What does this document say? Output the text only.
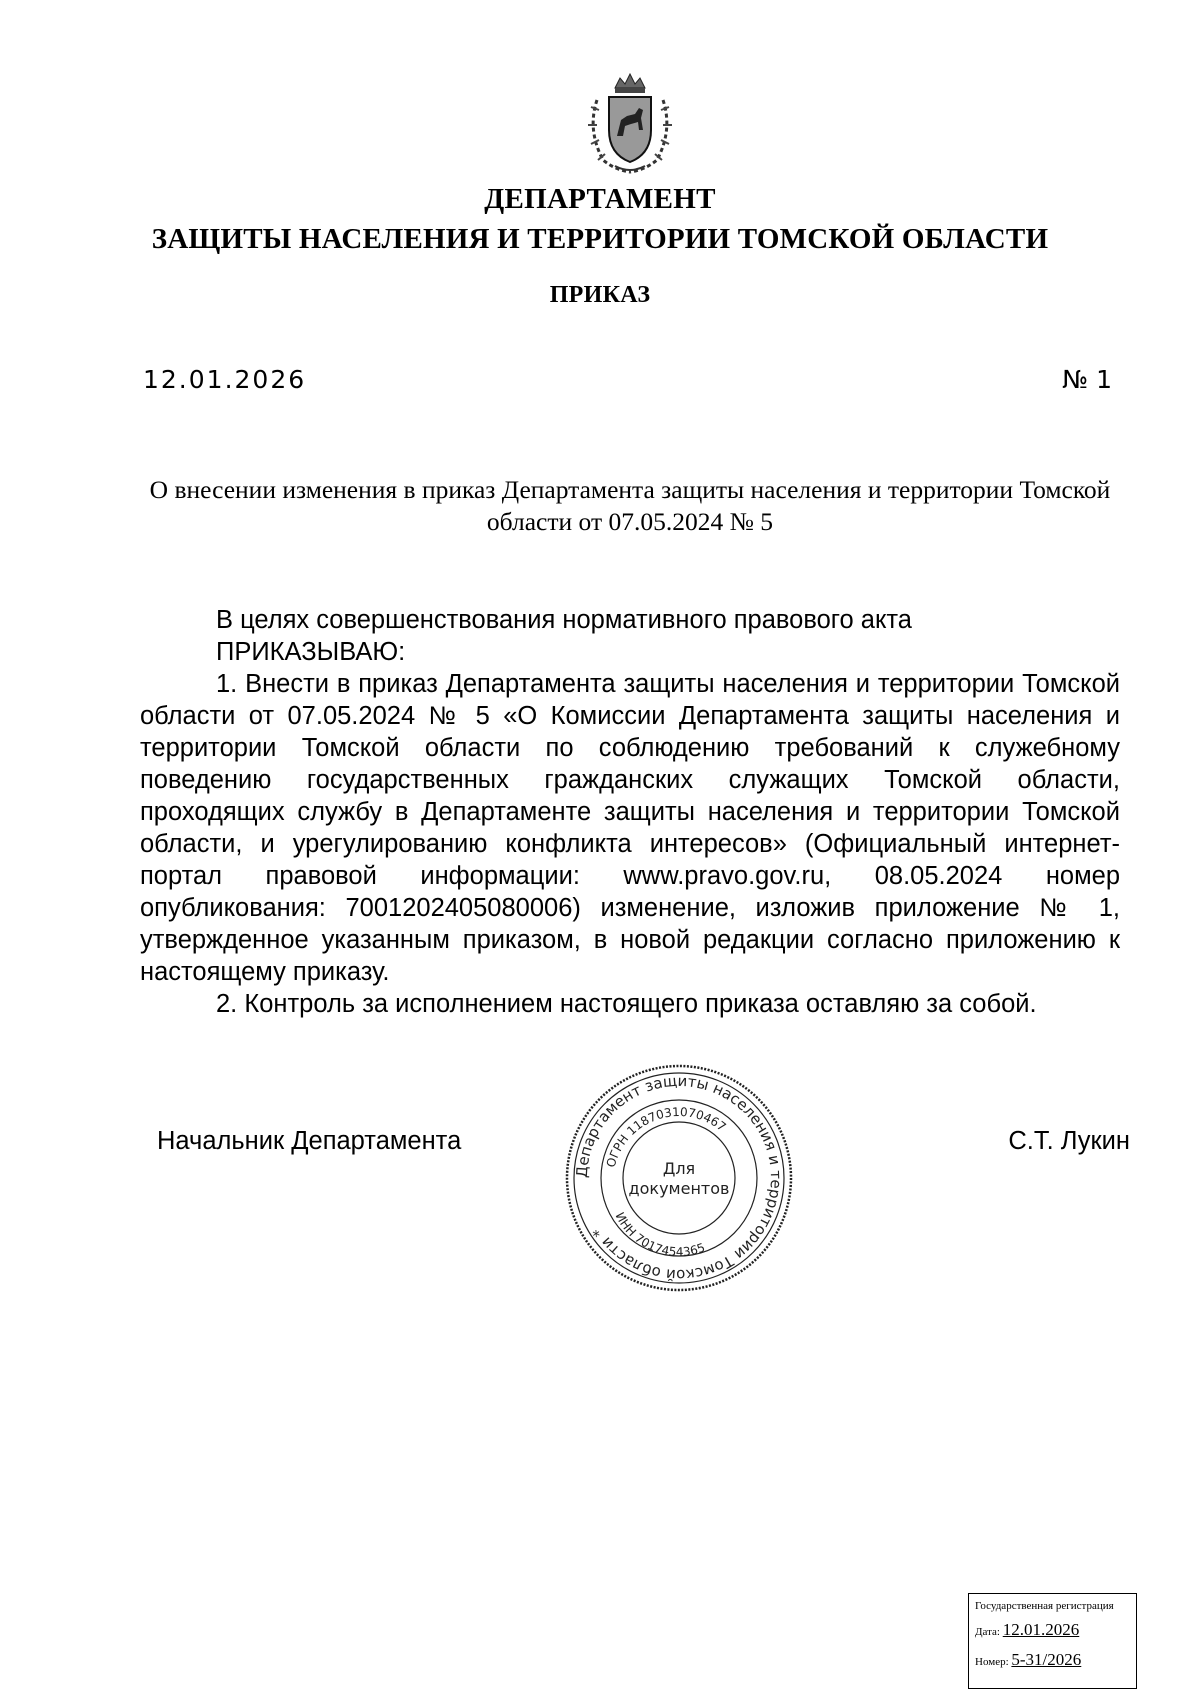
ДЕПАРТАМЕНТ
ЗАЩИТЫ НАСЕЛЕНИЯ И ТЕРРИТОРИИ ТОМСКОЙ ОБЛАСТИ
ПРИКАЗ
12.01.2026	№ 1
О внесении изменения в приказ Департамента защиты населения и территории Томской области от 07.05.2024 № 5

В целях совершенствования нормативного правового акта

ПРИКАЗЫВАЮ:

1. Внести в приказ Департамента защиты населения и территории Томской области от 07.05.2024 № 5 «О Комиссии Департамента защиты населения и территории Томской области по соблюдению требований к служебному поведению государственных гражданских служащих Томской области, проходящих службу в Департаменте защиты населения и территории Томской области, и урегулированию конфликта интересов» (Официальный интернет-портал правовой информации: www.pravo.gov.ru, 08.05.2024 номер опубликования: 7001202405080006) изменение, изложив приложение № 1, утвержденное указанным приказом, в новой редакции согласно приложению к настоящему приказу.

2. Контроль за исполнением настоящего приказа оставляю за собой.

Начальник Департамента	С.Т. Лукин
Департамент защиты населения и территории Томской области *
ОГРН 1187031070467
ИНН 7017454365
Для
документов
Государственная регистрация
Дата: 12.01.2026
Номер: 5-31/2026
